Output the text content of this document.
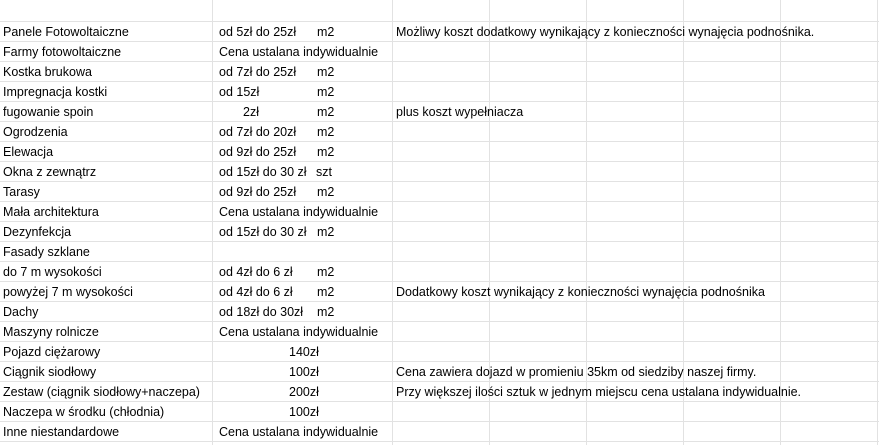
Panele Fotowoltaiczne	od 5zł do 25zł m2	Możliwy koszt dodatkowy wynikający z konieczności wynajęcia podnośnika.
Farmy fotowoltaiczne	Cena ustalana indywidualnie
Kostka brukowa	od 7zł do 25zł m2
Impregnacja kostki	od 15zł	m2
fugowanie spoin	2zł	m2	plus koszt wypełniacza
Ogrodzenia	od 7zł do 20zł m2
Elewacja	od 9zł do 25zł m2
Okna z zewnątrz	od 15zł do 30 zł szt
Tarasy	od 9zł do 25zł m2
Mała architektura	Cena ustalana indywidualnie
Dezynfekcja	od 15zł do 30 zł m2
Fasady szklane
do 7 m wysokości	od 4zł do 6 zł m2
powyżej 7 m wysokości	od 4zł do 6 zł m2	Dodatkowy koszt wynikający z konieczności wynajęcia podnośnika
Dachy	od 18zł do 30zł m2
Maszyny rolnicze	Cena ustalana indywidualnie
Pojazd ciężarowy	140zł
Ciągnik siodłowy	100zł	Cena zawiera dojazd w promieniu 35km od siedziby naszej firmy.
Zestaw (ciągnik siodłowy+naczepa)	200zł	Przy większej ilości sztuk w jednym miejscu cena ustalana indywidualnie.
Naczepa w środku (chłodnia)	100zł
Inne niestandardowe	Cena ustalana indywidualnie
